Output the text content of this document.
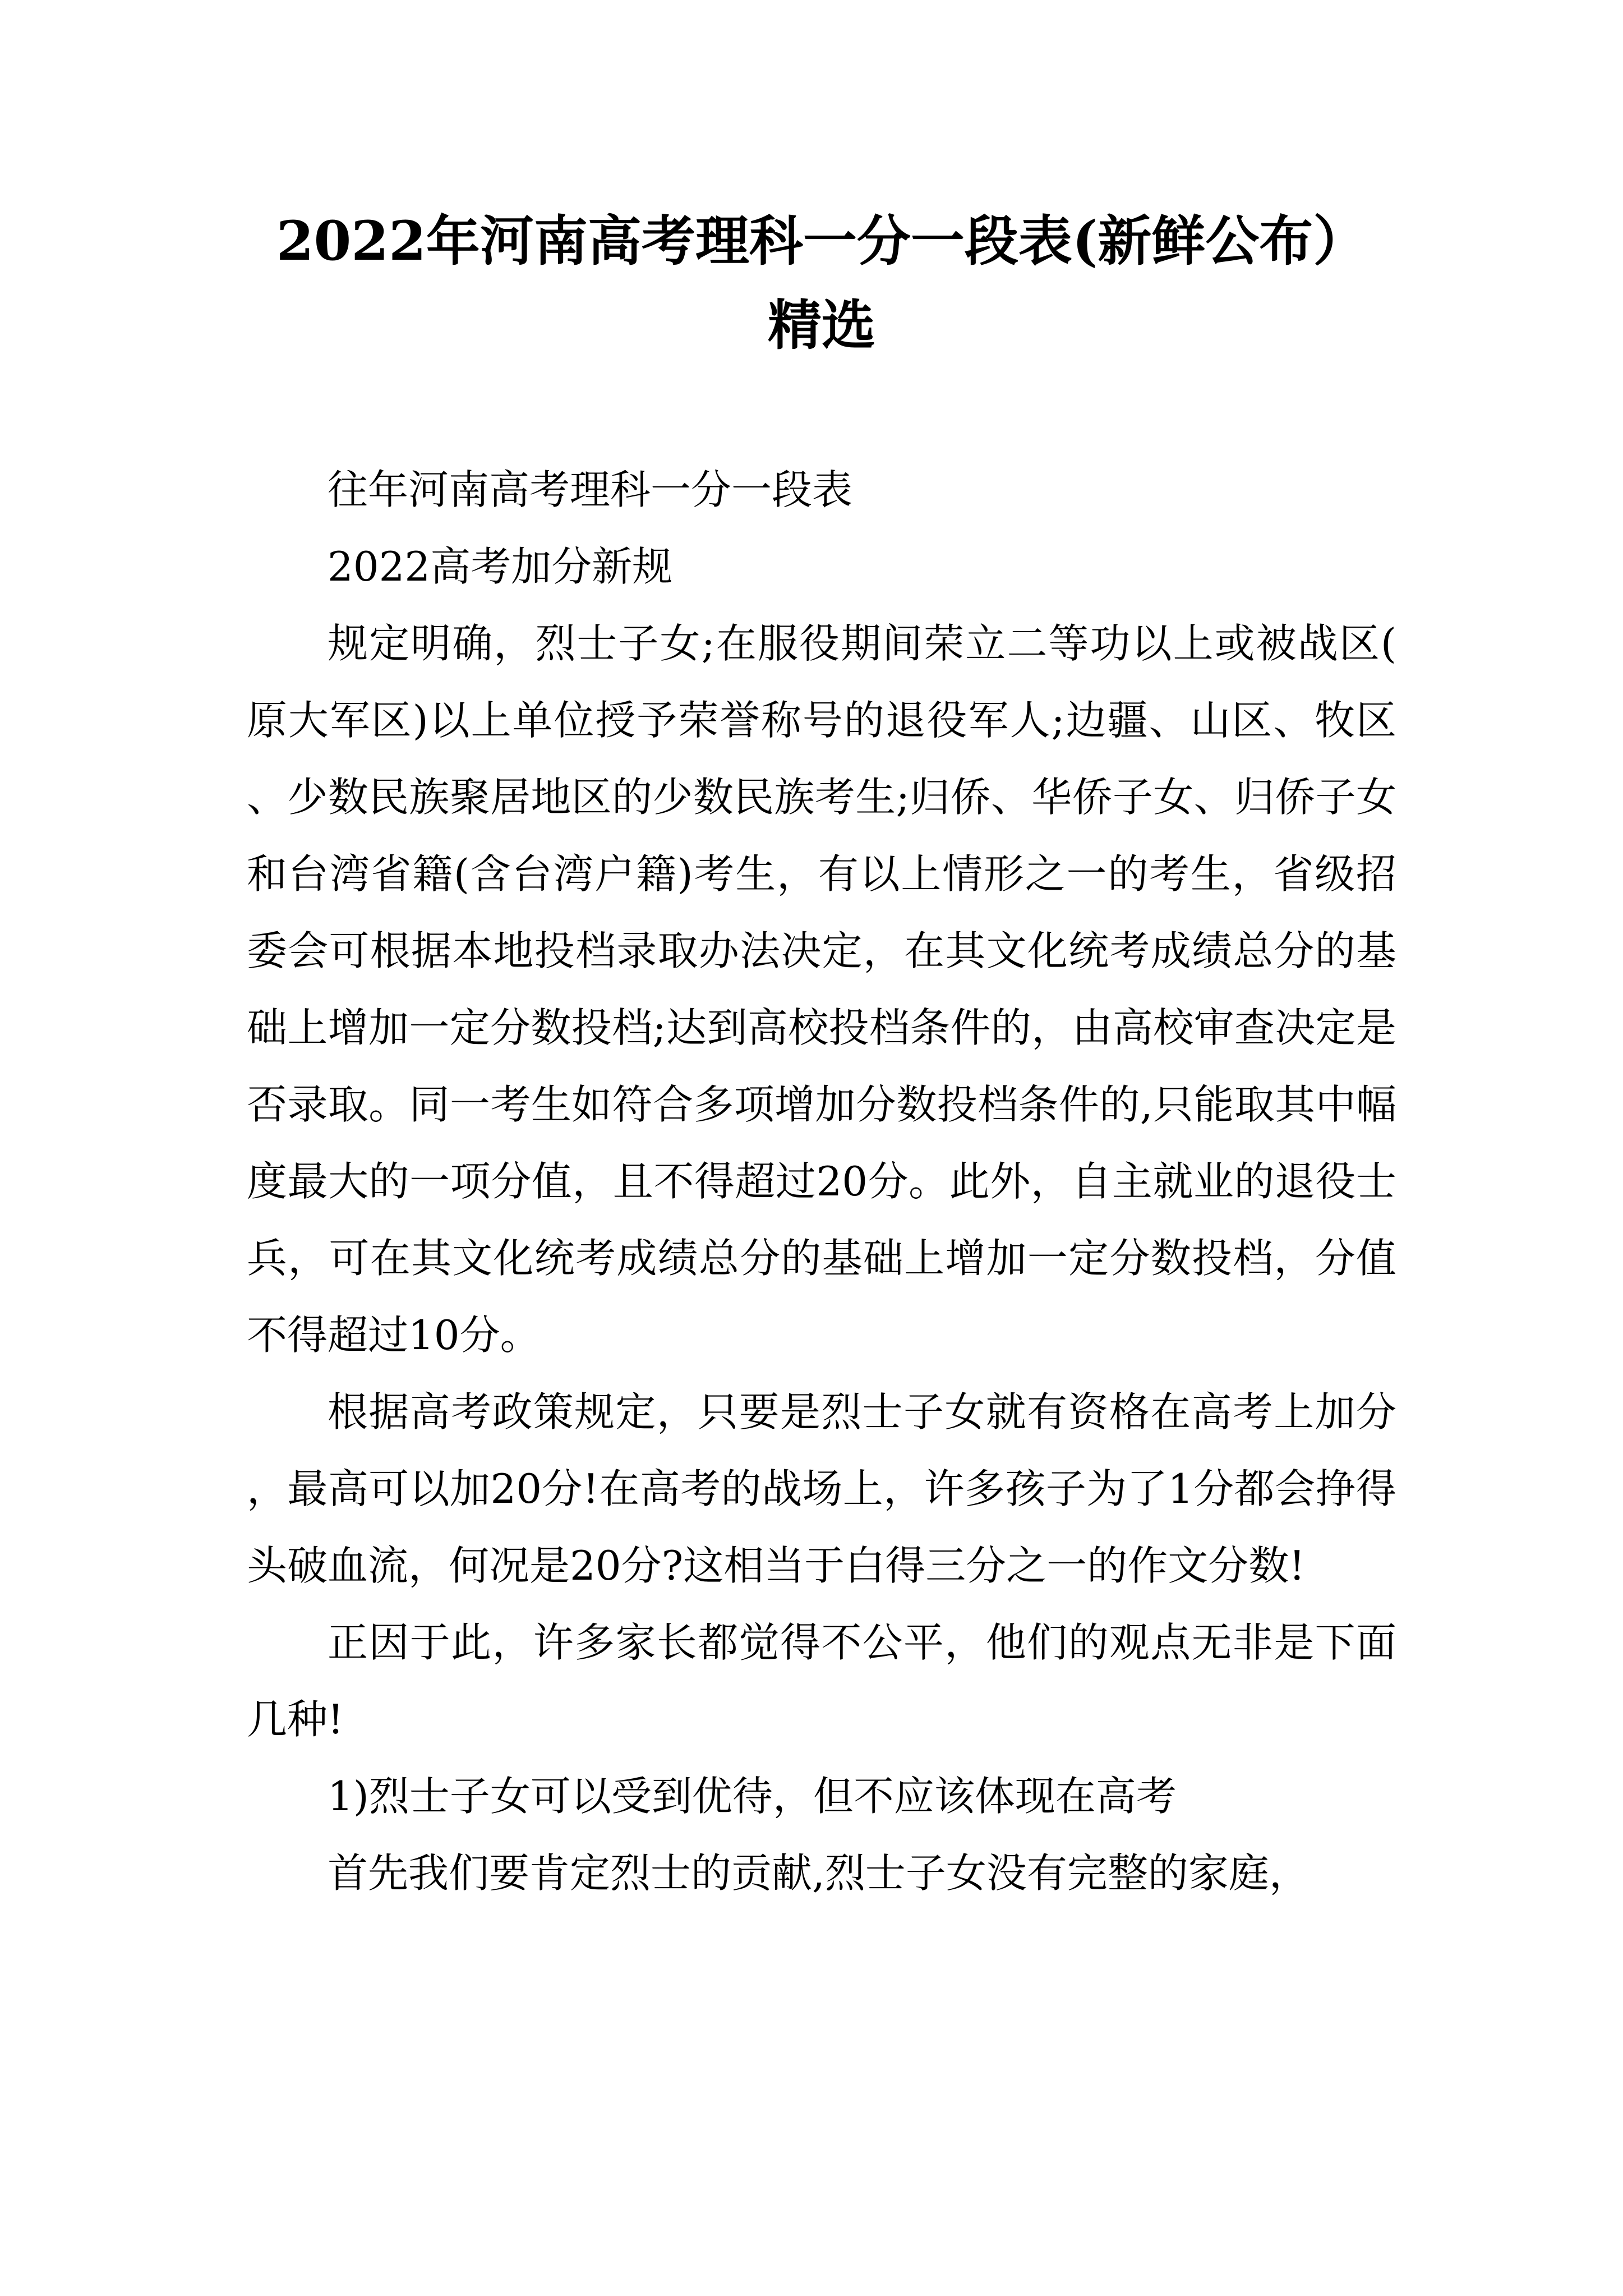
2022年河南高考理科一分一段表(新鲜公布）
精选

往年河南高考理科一分一段表

2022高考加分新规

规定明确，烈士子女;在服役期间荣立二等功以上或被战区(原大军区)以上单位授予荣誉称号的退役军人;边疆、山区、牧区、少数民族聚居地区的少数民族考生;归侨、华侨子女、归侨子女和台湾省籍(含台湾户籍)考生，有以上情形之一的考生，省级招委会可根据本地投档录取办法决定，在其文化统考成绩总分的基础上增加一定分数投档;达到高校投档条件的，由高校审查决定是否录取。同一考生如符合多项增加分数投档条件的,只能取其中幅度最大的一项分值，且不得超过20分。此外，自主就业的退役士兵，可在其文化统考成绩总分的基础上增加一定分数投档，分值不得超过10分。

根据高考政策规定，只要是烈士子女就有资格在高考上加分，最高可以加20分!在高考的战场上，许多孩子为了1分都会挣得头破血流，何况是20分?这相当于白得三分之一的作文分数!

正因于此，许多家长都觉得不公平，他们的观点无非是下面几种!

1)烈士子女可以受到优待，但不应该体现在高考

首先我们要肯定烈士的贡献,烈士子女没有完整的家庭，
